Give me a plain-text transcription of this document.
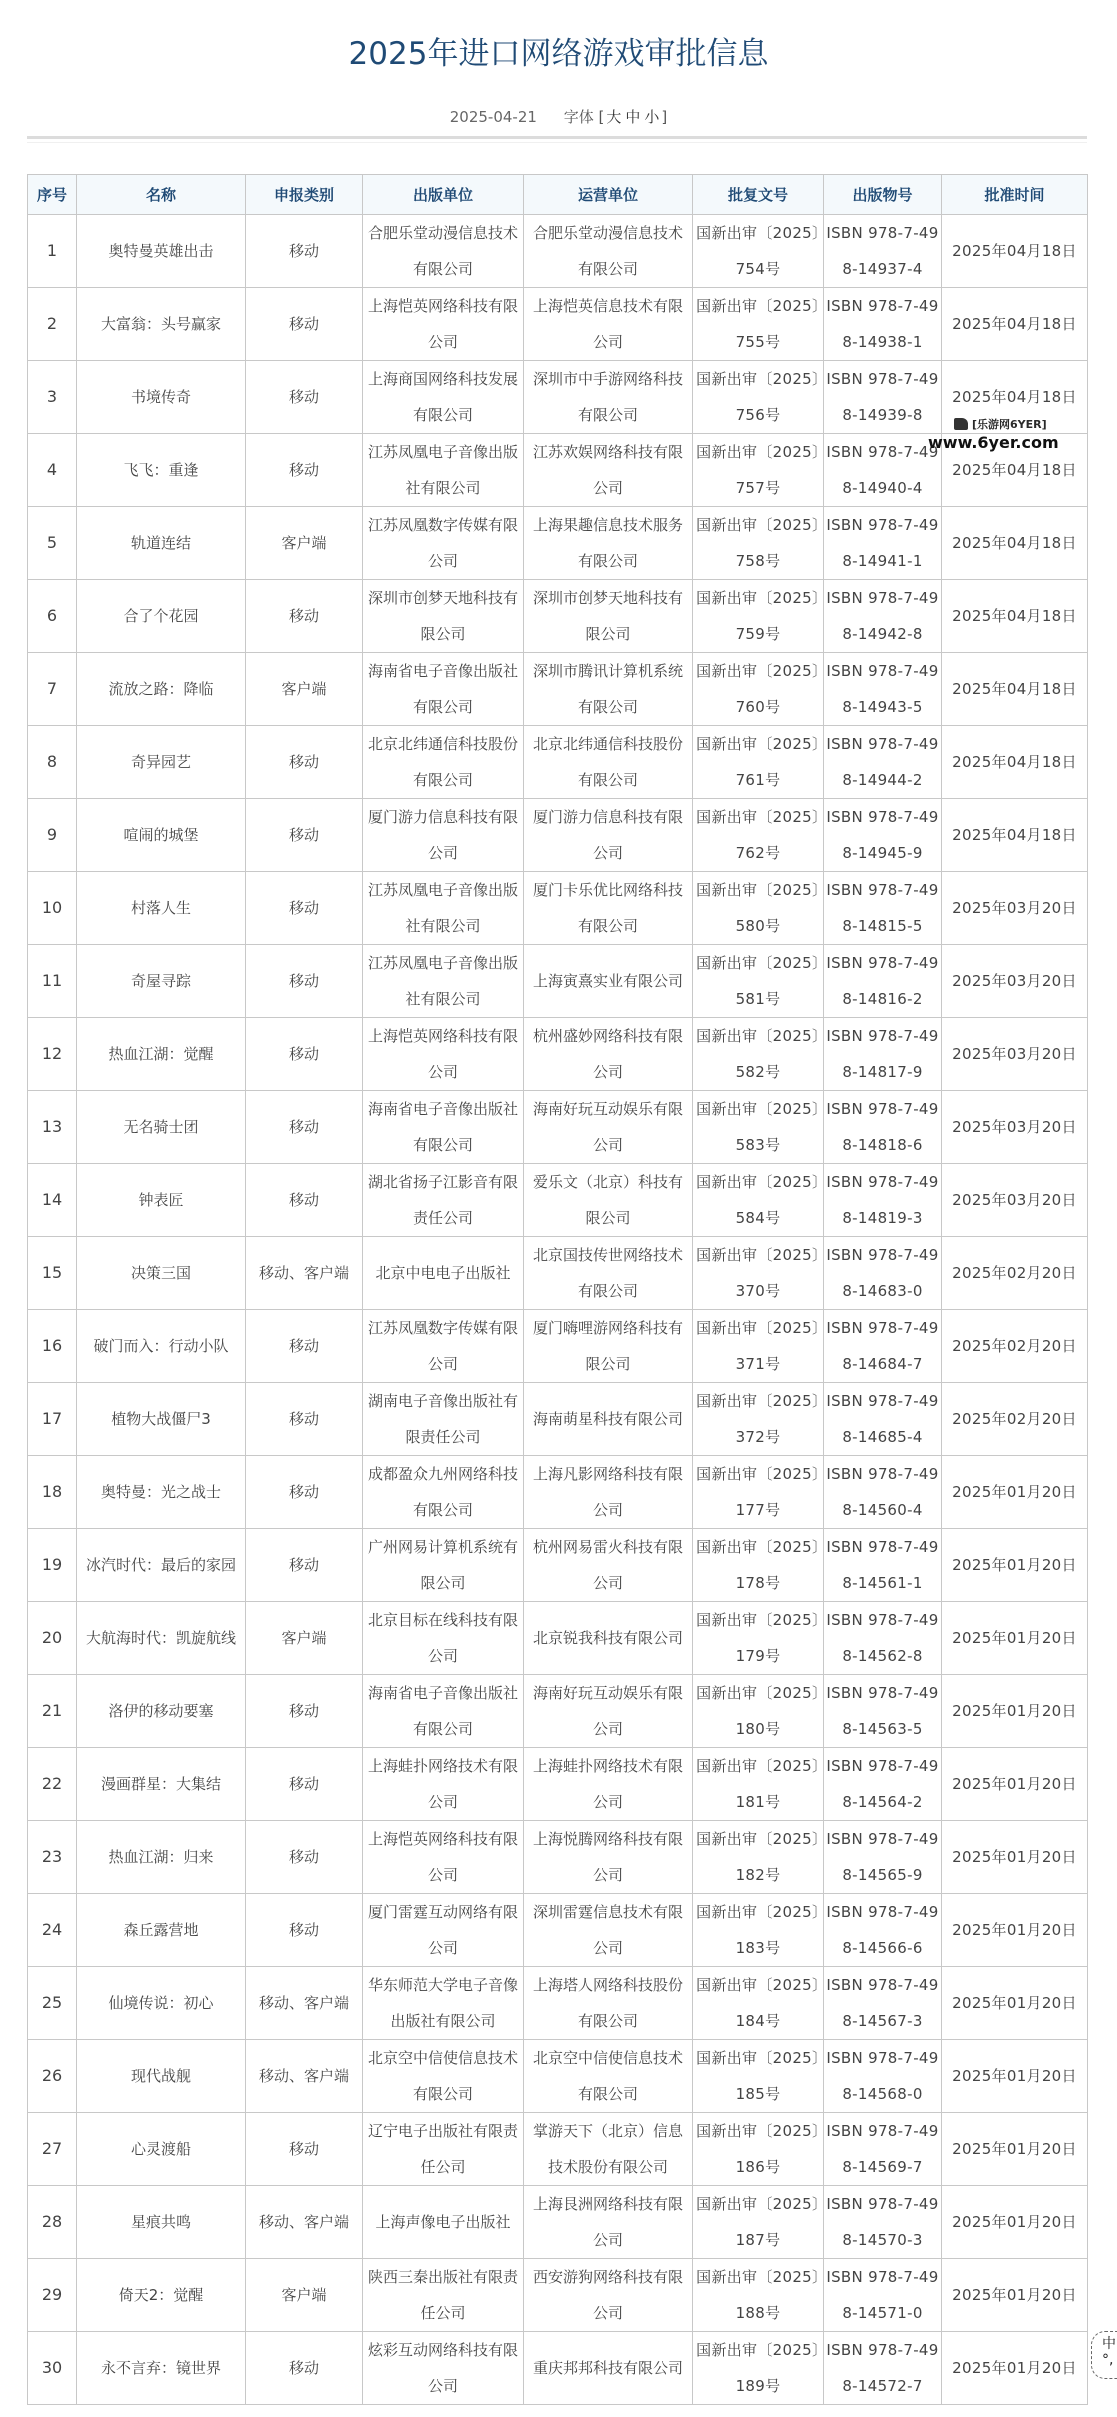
2025年进口网络游戏审批信息
2025-04-21 字体 [ 大 中 小 ]
序号	名称	申报类别	出版单位	运营单位	批复文号	出版物号	批准时间
1	奥特曼英雄出击	移动	合肥乐堂动漫信息技术有限公司	合肥乐堂动漫信息技术有限公司	国新出审〔2025〕754号	ISBN 978-7-498-14937-4	2025年04月18日
2	大富翁：头号赢家	移动	上海恺英网络科技有限公司	上海恺英信息技术有限公司	国新出审〔2025〕755号	ISBN 978-7-498-14938-1	2025年04月18日
3	书境传奇	移动	上海商国网络科技发展有限公司	深圳市中手游网络科技有限公司	国新出审〔2025〕756号	ISBN 978-7-498-14939-8	2025年04月18日
4	飞飞：重逢	移动	江苏凤凰电子音像出版社有限公司	江苏欢娱网络科技有限公司	国新出审〔2025〕757号	ISBN 978-7-498-14940-4	2025年04月18日
5	轨道连结	客户端	江苏凤凰数字传媒有限公司	上海果趣信息技术服务有限公司	国新出审〔2025〕758号	ISBN 978-7-498-14941-1	2025年04月18日
6	合了个花园	移动	深圳市创梦天地科技有限公司	深圳市创梦天地科技有限公司	国新出审〔2025〕759号	ISBN 978-7-498-14942-8	2025年04月18日
7	流放之路：降临	客户端	海南省电子音像出版社有限公司	深圳市腾讯计算机系统有限公司	国新出审〔2025〕760号	ISBN 978-7-498-14943-5	2025年04月18日
8	奇异园艺	移动	北京北纬通信科技股份有限公司	北京北纬通信科技股份有限公司	国新出审〔2025〕761号	ISBN 978-7-498-14944-2	2025年04月18日
9	喧闹的城堡	移动	厦门游力信息科技有限公司	厦门游力信息科技有限公司	国新出审〔2025〕762号	ISBN 978-7-498-14945-9	2025年04月18日
10	村落人生	移动	江苏凤凰电子音像出版社有限公司	厦门卡乐优比网络科技有限公司	国新出审〔2025〕580号	ISBN 978-7-498-14815-5	2025年03月20日
11	奇屋寻踪	移动	江苏凤凰电子音像出版社有限公司	上海寅熹实业有限公司	国新出审〔2025〕581号	ISBN 978-7-498-14816-2	2025年03月20日
12	热血江湖：觉醒	移动	上海恺英网络科技有限公司	杭州盛妙网络科技有限公司	国新出审〔2025〕582号	ISBN 978-7-498-14817-9	2025年03月20日
13	无名骑士团	移动	海南省电子音像出版社有限公司	海南好玩互动娱乐有限公司	国新出审〔2025〕583号	ISBN 978-7-498-14818-6	2025年03月20日
14	钟表匠	移动	湖北省扬子江影音有限责任公司	爱乐文（北京）科技有限公司	国新出审〔2025〕584号	ISBN 978-7-498-14819-3	2025年03月20日
15	决策三国	移动、客户端	北京中电电子出版社	北京国技传世网络技术有限公司	国新出审〔2025〕370号	ISBN 978-7-498-14683-0	2025年02月20日
16	破门而入：行动小队	移动	江苏凤凰数字传媒有限公司	厦门嗨哩游网络科技有限公司	国新出审〔2025〕371号	ISBN 978-7-498-14684-7	2025年02月20日
17	植物大战僵尸3	移动	湖南电子音像出版社有限责任公司	海南萌星科技有限公司	国新出审〔2025〕372号	ISBN 978-7-498-14685-4	2025年02月20日
18	奥特曼：光之战士	移动	成都盈众九州网络科技有限公司	上海凡影网络科技有限公司	国新出审〔2025〕177号	ISBN 978-7-498-14560-4	2025年01月20日
19	冰汽时代：最后的家园	移动	广州网易计算机系统有限公司	杭州网易雷火科技有限公司	国新出审〔2025〕178号	ISBN 978-7-498-14561-1	2025年01月20日
20	大航海时代：凯旋航线	客户端	北京目标在线科技有限公司	北京锐我科技有限公司	国新出审〔2025〕179号	ISBN 978-7-498-14562-8	2025年01月20日
21	洛伊的移动要塞	移动	海南省电子音像出版社有限公司	海南好玩互动娱乐有限公司	国新出审〔2025〕180号	ISBN 978-7-498-14563-5	2025年01月20日
22	漫画群星：大集结	移动	上海蛙扑网络技术有限公司	上海蛙扑网络技术有限公司	国新出审〔2025〕181号	ISBN 978-7-498-14564-2	2025年01月20日
23	热血江湖：归来	移动	上海恺英网络科技有限公司	上海悦腾网络科技有限公司	国新出审〔2025〕182号	ISBN 978-7-498-14565-9	2025年01月20日
24	森丘露营地	移动	厦门雷霆互动网络有限公司	深圳雷霆信息技术有限公司	国新出审〔2025〕183号	ISBN 978-7-498-14566-6	2025年01月20日
25	仙境传说：初心	移动、客户端	华东师范大学电子音像出版社有限公司	上海塔人网络科技股份有限公司	国新出审〔2025〕184号	ISBN 978-7-498-14567-3	2025年01月20日
26	现代战舰	移动、客户端	北京空中信使信息技术有限公司	北京空中信使信息技术有限公司	国新出审〔2025〕185号	ISBN 978-7-498-14568-0	2025年01月20日
27	心灵渡船	移动	辽宁电子出版社有限责任公司	掌游天下（北京）信息技术股份有限公司	国新出审〔2025〕186号	ISBN 978-7-498-14569-7	2025年01月20日
28	星痕共鸣	移动、客户端	上海声像电子出版社	上海艮洲网络科技有限公司	国新出审〔2025〕187号	ISBN 978-7-498-14570-3	2025年01月20日
29	倚天2：觉醒	客户端	陕西三秦出版社有限责任公司	西安游狗网络科技有限公司	国新出审〔2025〕188号	ISBN 978-7-498-14571-0	2025年01月20日
30	永不言弃：镜世界	移动	炫彩互动网络科技有限公司	重庆邦邦科技有限公司	国新出审〔2025〕189号	ISBN 978-7-498-14572-7	2025年01月20日
[乐游网6YER]
www.6yer.com
中
°,
